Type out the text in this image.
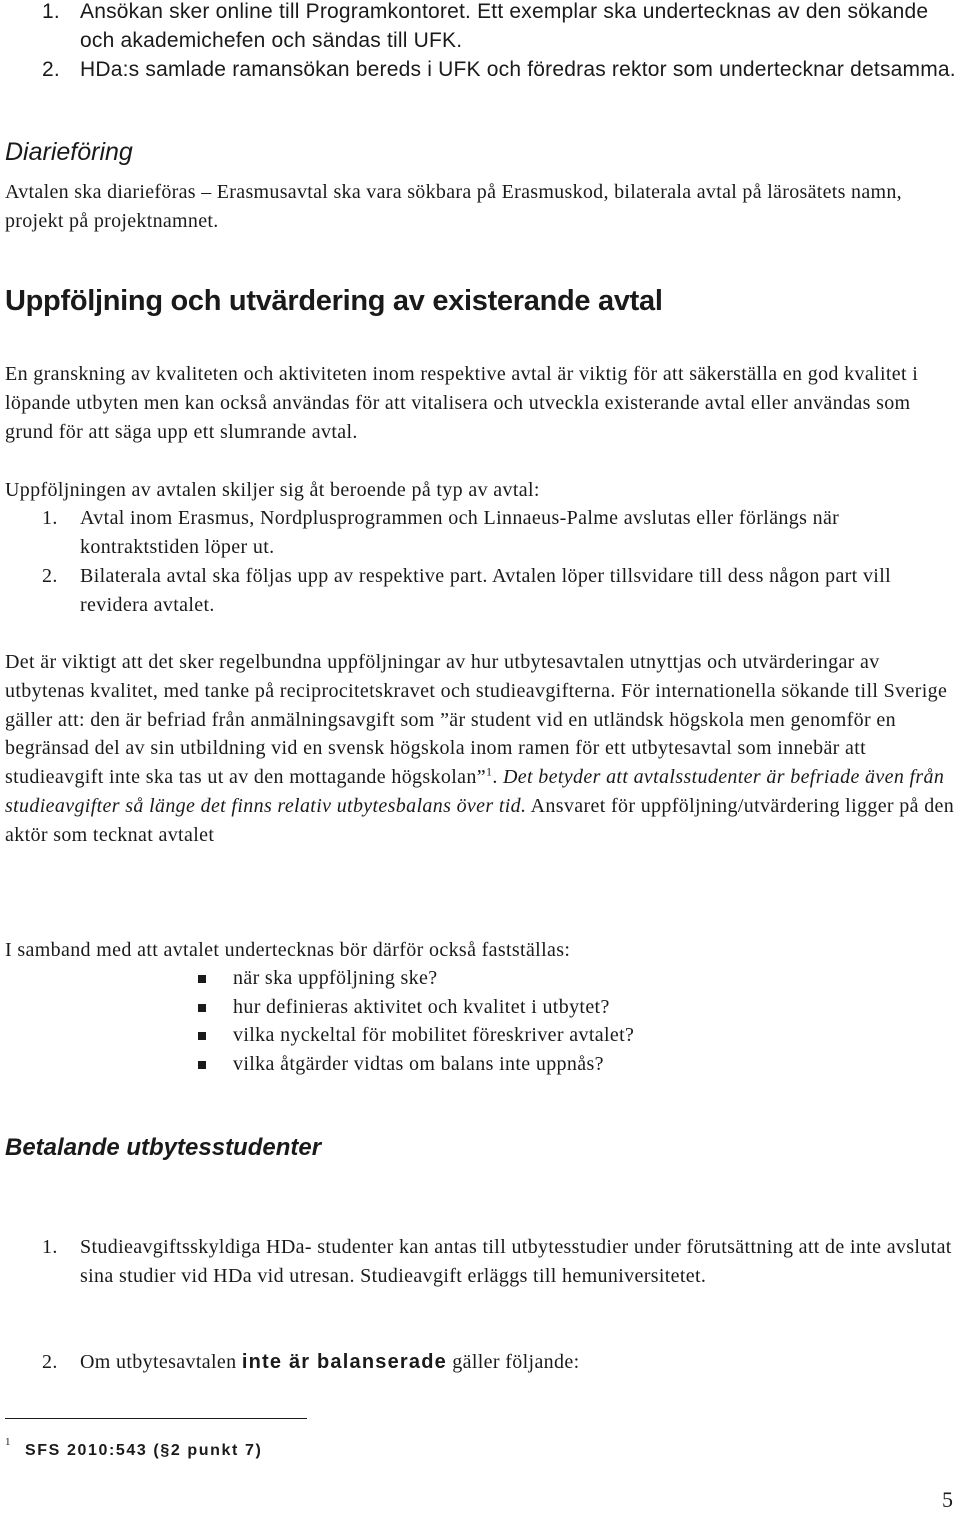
1. Ansökan sker online till Programkontoret. Ett exemplar ska undertecknas av den sökande och akademichefen och sändas till UFK.
2. HDa:s samlade ramansökan bereds i UFK och föredras rektor som undertecknar detsamma.
Diarieföring
Avtalen ska diarieföras – Erasmusavtal ska vara sökbara på Erasmuskod, bilaterala avtal på lärosätets namn, projekt på projektnamnet.
Uppföljning och utvärdering av existerande avtal
En granskning av kvaliteten och aktiviteten inom respektive avtal är viktig för att säkerställa en god kvalitet i löpande utbyten men kan också användas för att vitalisera och utveckla existerande avtal eller användas som grund för att säga upp ett slumrande avtal.
Uppföljningen av avtalen skiljer sig åt beroende på typ av avtal:
1. Avtal inom Erasmus, Nordplusprogrammen och Linnaeus-Palme avslutas eller förlängs när kontraktstiden löper ut.
2. Bilaterala avtal ska följas upp av respektive part. Avtalen löper tillsvidare till dess någon part vill revidera avtalet.
Det är viktigt att det sker regelbundna uppföljningar av hur utbytesavtalen utnyttjas och utvärderingar av utbytenas kvalitet, med tanke på reciprocitetskravet och studieavgifterna. För internationella sökande till Sverige gäller att: den är befriad från anmälningsavgift som ”är student vid en utländsk högskola men genomför en begränsad del av sin utbildning vid en svensk högskola inom ramen för ett utbytesavtal som innebär att studieavgift inte ska tas ut av den mottagande högskolan”$^1$. Det betyder att avtalsstudenter är befriade även från studieavgifter så länge det finns relativ utbytesbalans över tid. Ansvaret för uppföljning/utvärdering ligger på den aktör som tecknat avtalet
I samband med att avtalet undertecknas bör därför också fastställas:
när ska uppföljning ske?
hur definieras aktivitet och kvalitet i utbytet?
vilka nyckeltal för mobilitet föreskriver avtalet?
vilka åtgärder vidtas om balans inte uppnås?
Betalande utbytesstudenter
1. Studieavgiftsskyldiga HDa- studenter kan antas till utbytesstudier under förutsättning att de inte avslutat sina studier vid HDa vid utresan. Studieavgift erläggs till hemuniversitetet.
2. Om utbytesavtalen inte är balanserade gäller följande:
1 SFS 2010:543 (§2 punkt 7)
5
